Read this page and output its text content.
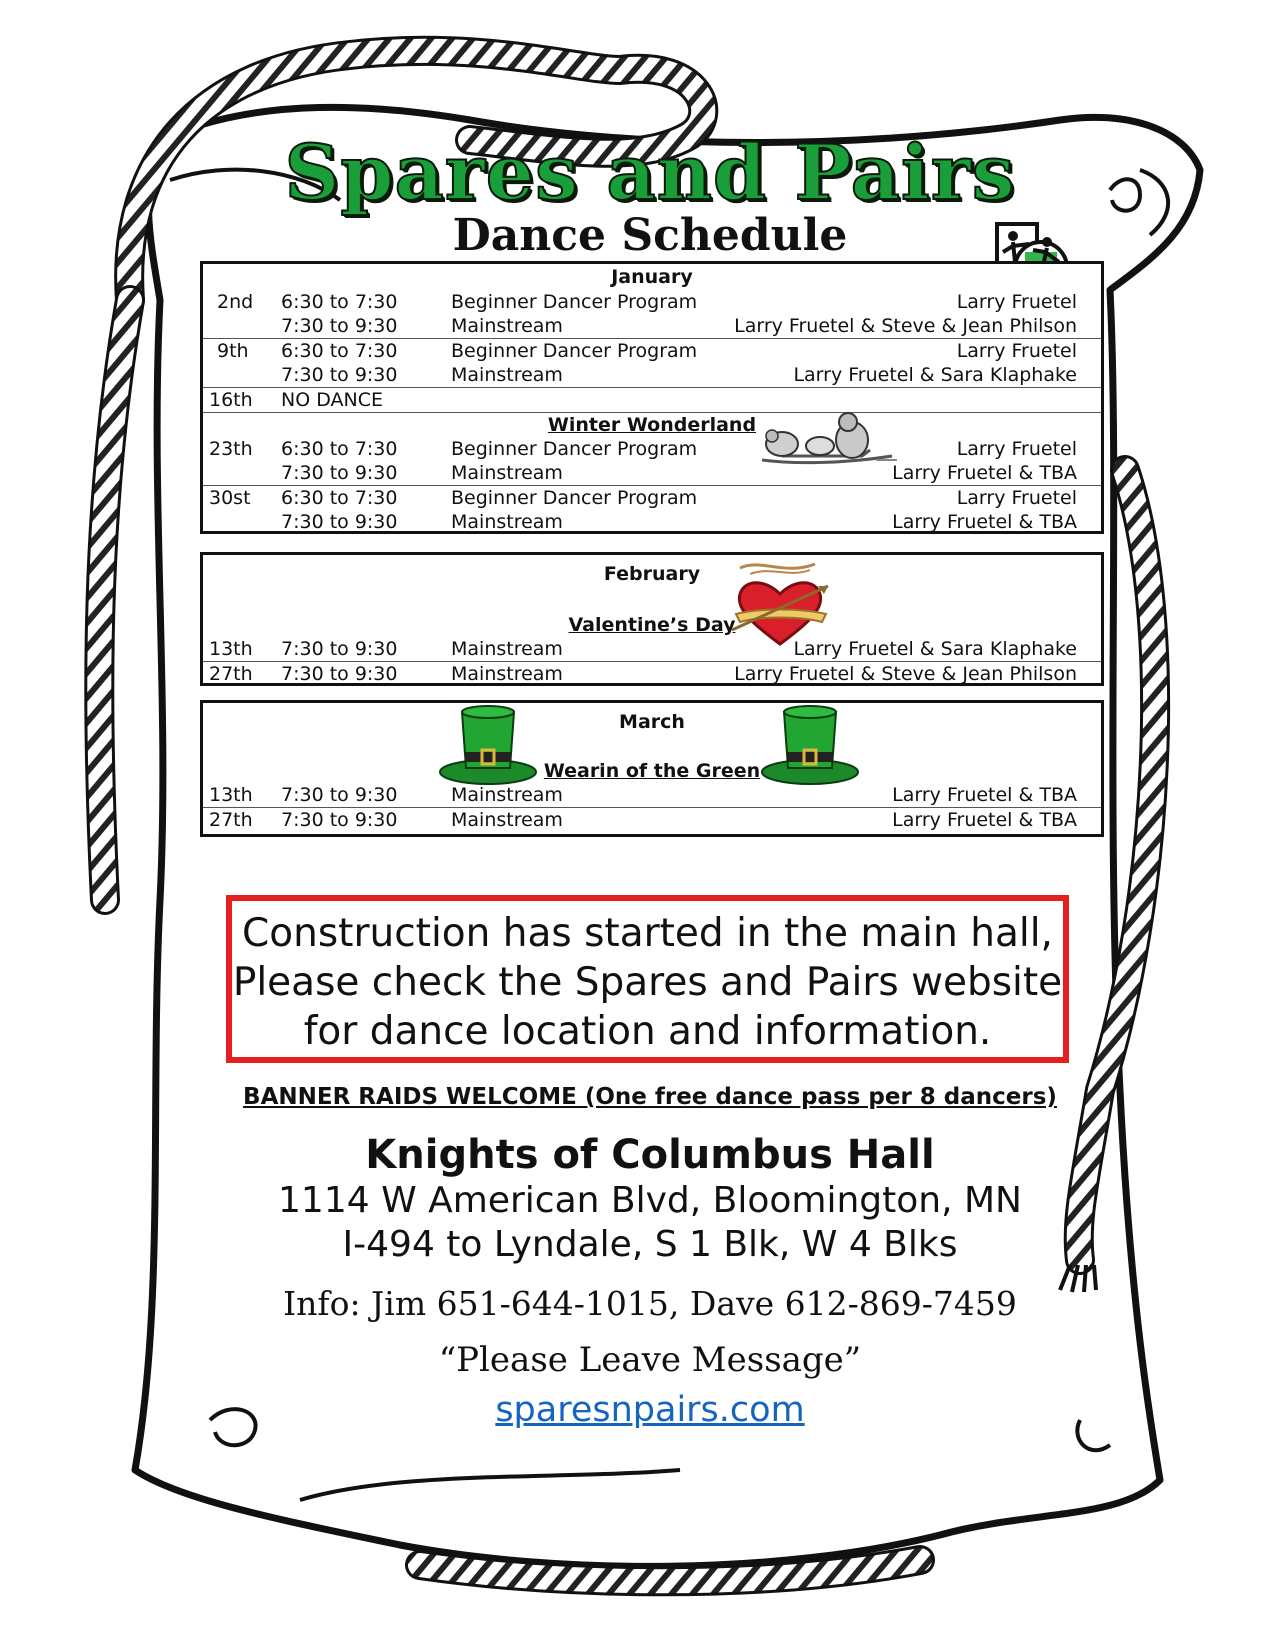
Spares and Pairs
Dance Schedule
January
2nd 6:30 to 7:30	Beginner Dancer Program	Larry Fruetel
7:30 to 9:30	Mainstream	Larry Fruetel & Steve & Jean Philson
9th 6:30 to 7:30	Beginner Dancer Program	Larry Fruetel
7:30 to 9:30	Mainstream	Larry Fruetel & Sara Klaphake
16th NO DANCE
Winter Wonderland
23th 6:30 to 7:30	Beginner Dancer Program	Larry Fruetel
7:30 to 9:30	Mainstream	Larry Fruetel & TBA
30st 6:30 to 7:30	Beginner Dancer Program	Larry Fruetel
7:30 to 9:30	Mainstream	Larry Fruetel & TBA
February
Valentine’s Day
13th 7:30 to 9:30	Mainstream	Larry Fruetel & Sara Klaphake
27th 7:30 to 9:30	Mainstream	Larry Fruetel & Steve & Jean Philson
March
Wearin of the Green
13th 7:30 to 9:30	Mainstream	Larry Fruetel & TBA
27th 7:30 to 9:30	Mainstream	Larry Fruetel & TBA
Construction has started in the main hall,
Please check the Spares and Pairs website
for dance location and information.
BANNER RAIDS WELCOME (One free dance pass per 8 dancers)
Knights of Columbus Hall
1114 W American Blvd, Bloomington, MN
I-494 to Lyndale, S 1 Blk, W 4 Blks
Info: Jim 651-644-1015, Dave 612-869-7459
“Please Leave Message”
sparesnpairs.com
